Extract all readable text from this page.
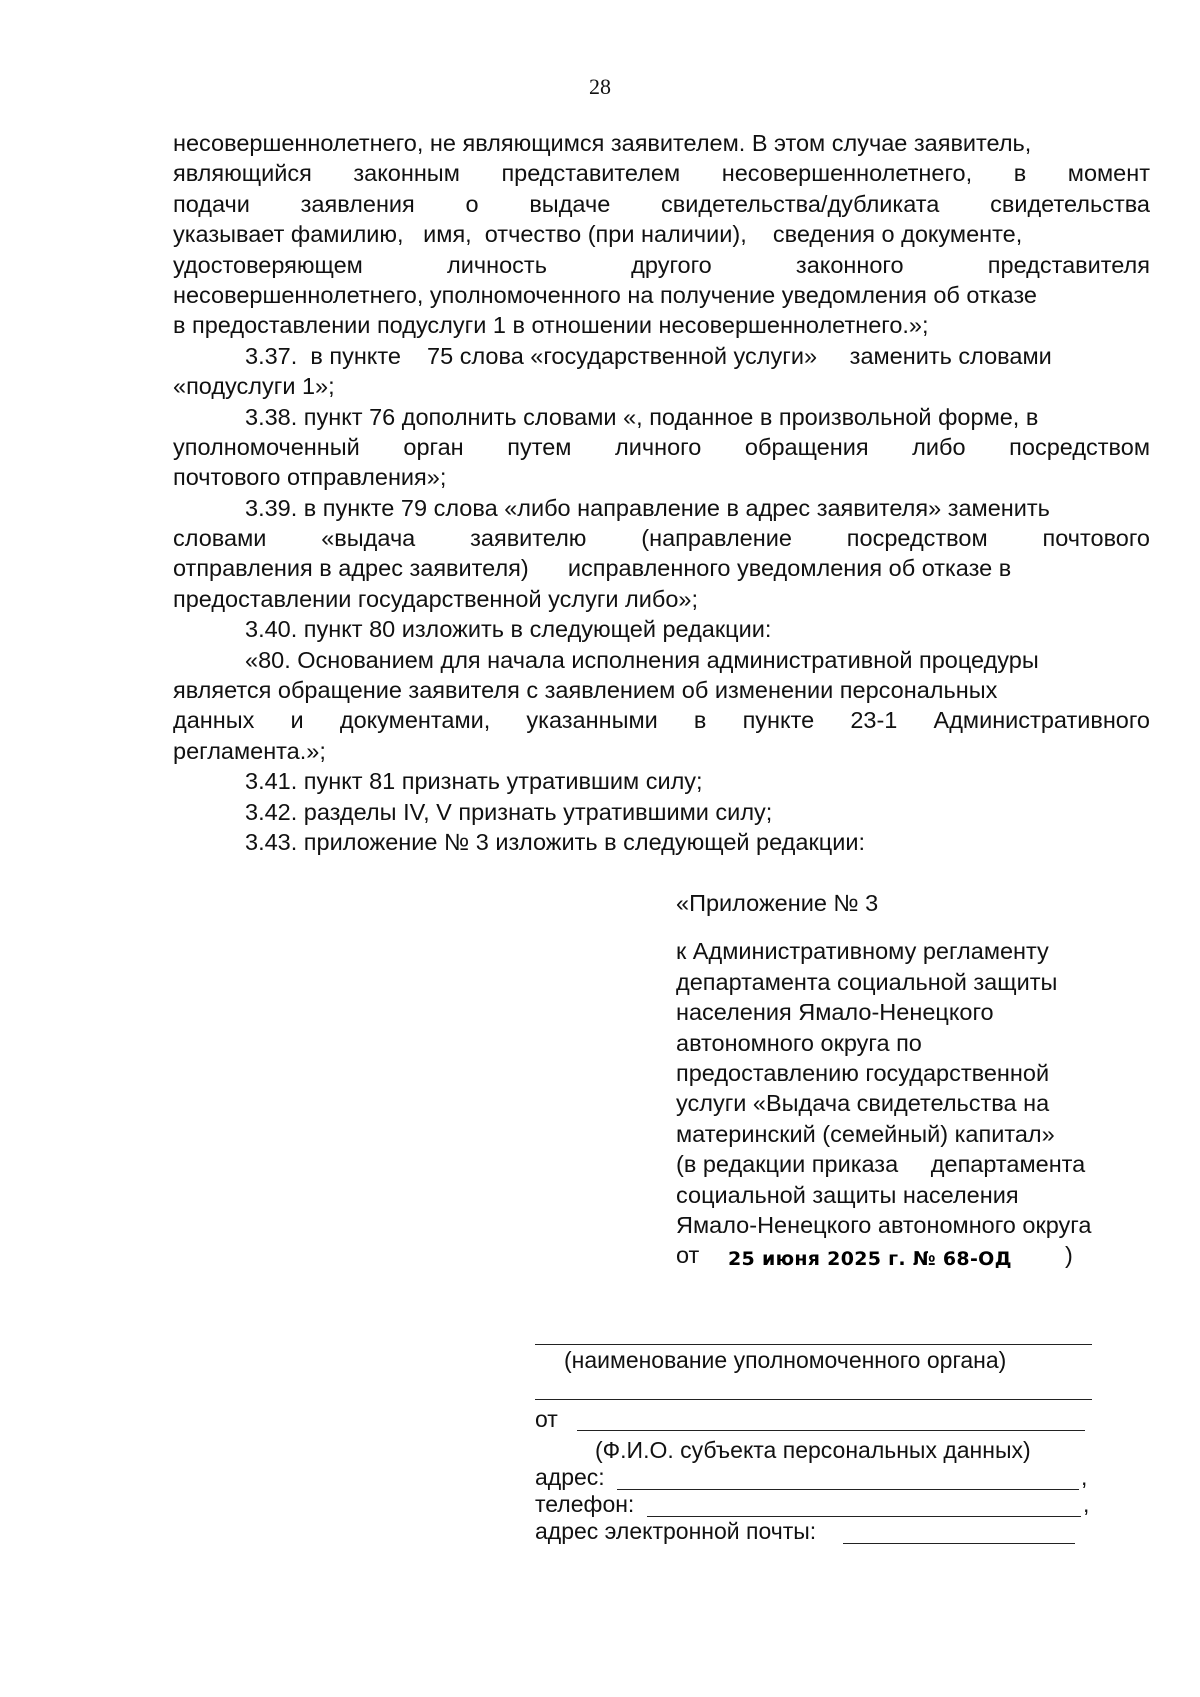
28
несовершеннолетнего, не являющимся заявителем. В этом случае заявитель,
являющийся законным представителем несовершеннолетнего, в момент
подачи заявления о выдаче свидетельства/дубликата свидетельства
указывает фамилию,   имя,  отчество (при наличии),    сведения о документе,
удостоверяющем личность другого законного представителя
несовершеннолетнего, уполномоченного на получение уведомления об отказе
в предоставлении подуслуги 1 в отношении несовершеннолетнего.»;
3.37.  в пункте    75 слова «государственной услуги»     заменить словами
«подуслуги 1»;
3.38. пункт 76 дополнить словами «, поданное в произвольной форме, в
уполномоченный орган путем личного обращения либо посредством
почтового отправления»;
3.39. в пункте 79 слова «либо направление в адрес заявителя» заменить
словами «выдача заявителю (направление посредством почтового
отправления в адрес заявителя)      исправленного уведомления об отказе в
предоставлении государственной услуги либо»;
3.40. пункт 80 изложить в следующей редакции:
«80. Основанием для начала исполнения административной процедуры
является обращение заявителя с заявлением об изменении персональных
данных и документами, указанными в пункте 23-1 Административного
регламента.»;
3.41. пункт 81 признать утратившим силу;
3.42. разделы IV, V признать утратившими силу;
3.43. приложение № 3 изложить в следующей редакции:
«Приложение № 3
к Административному регламенту
департамента социальной защиты
населения Ямало-Ненецкого
автономного округа по
предоставлению государственной
услуги «Выдача свидетельства на
материнский (семейный) капитал»
(в редакции приказа     департамента
социальной защиты населения
Ямало-Ненецкого автономного округа
от 25 июня 2025 г. № 68-ОД )
(наименование уполномоченного органа)
от
(Ф.И.О. субъекта персональных данных)
адрес:	,
телефон:	,
адрес электронной почты:
